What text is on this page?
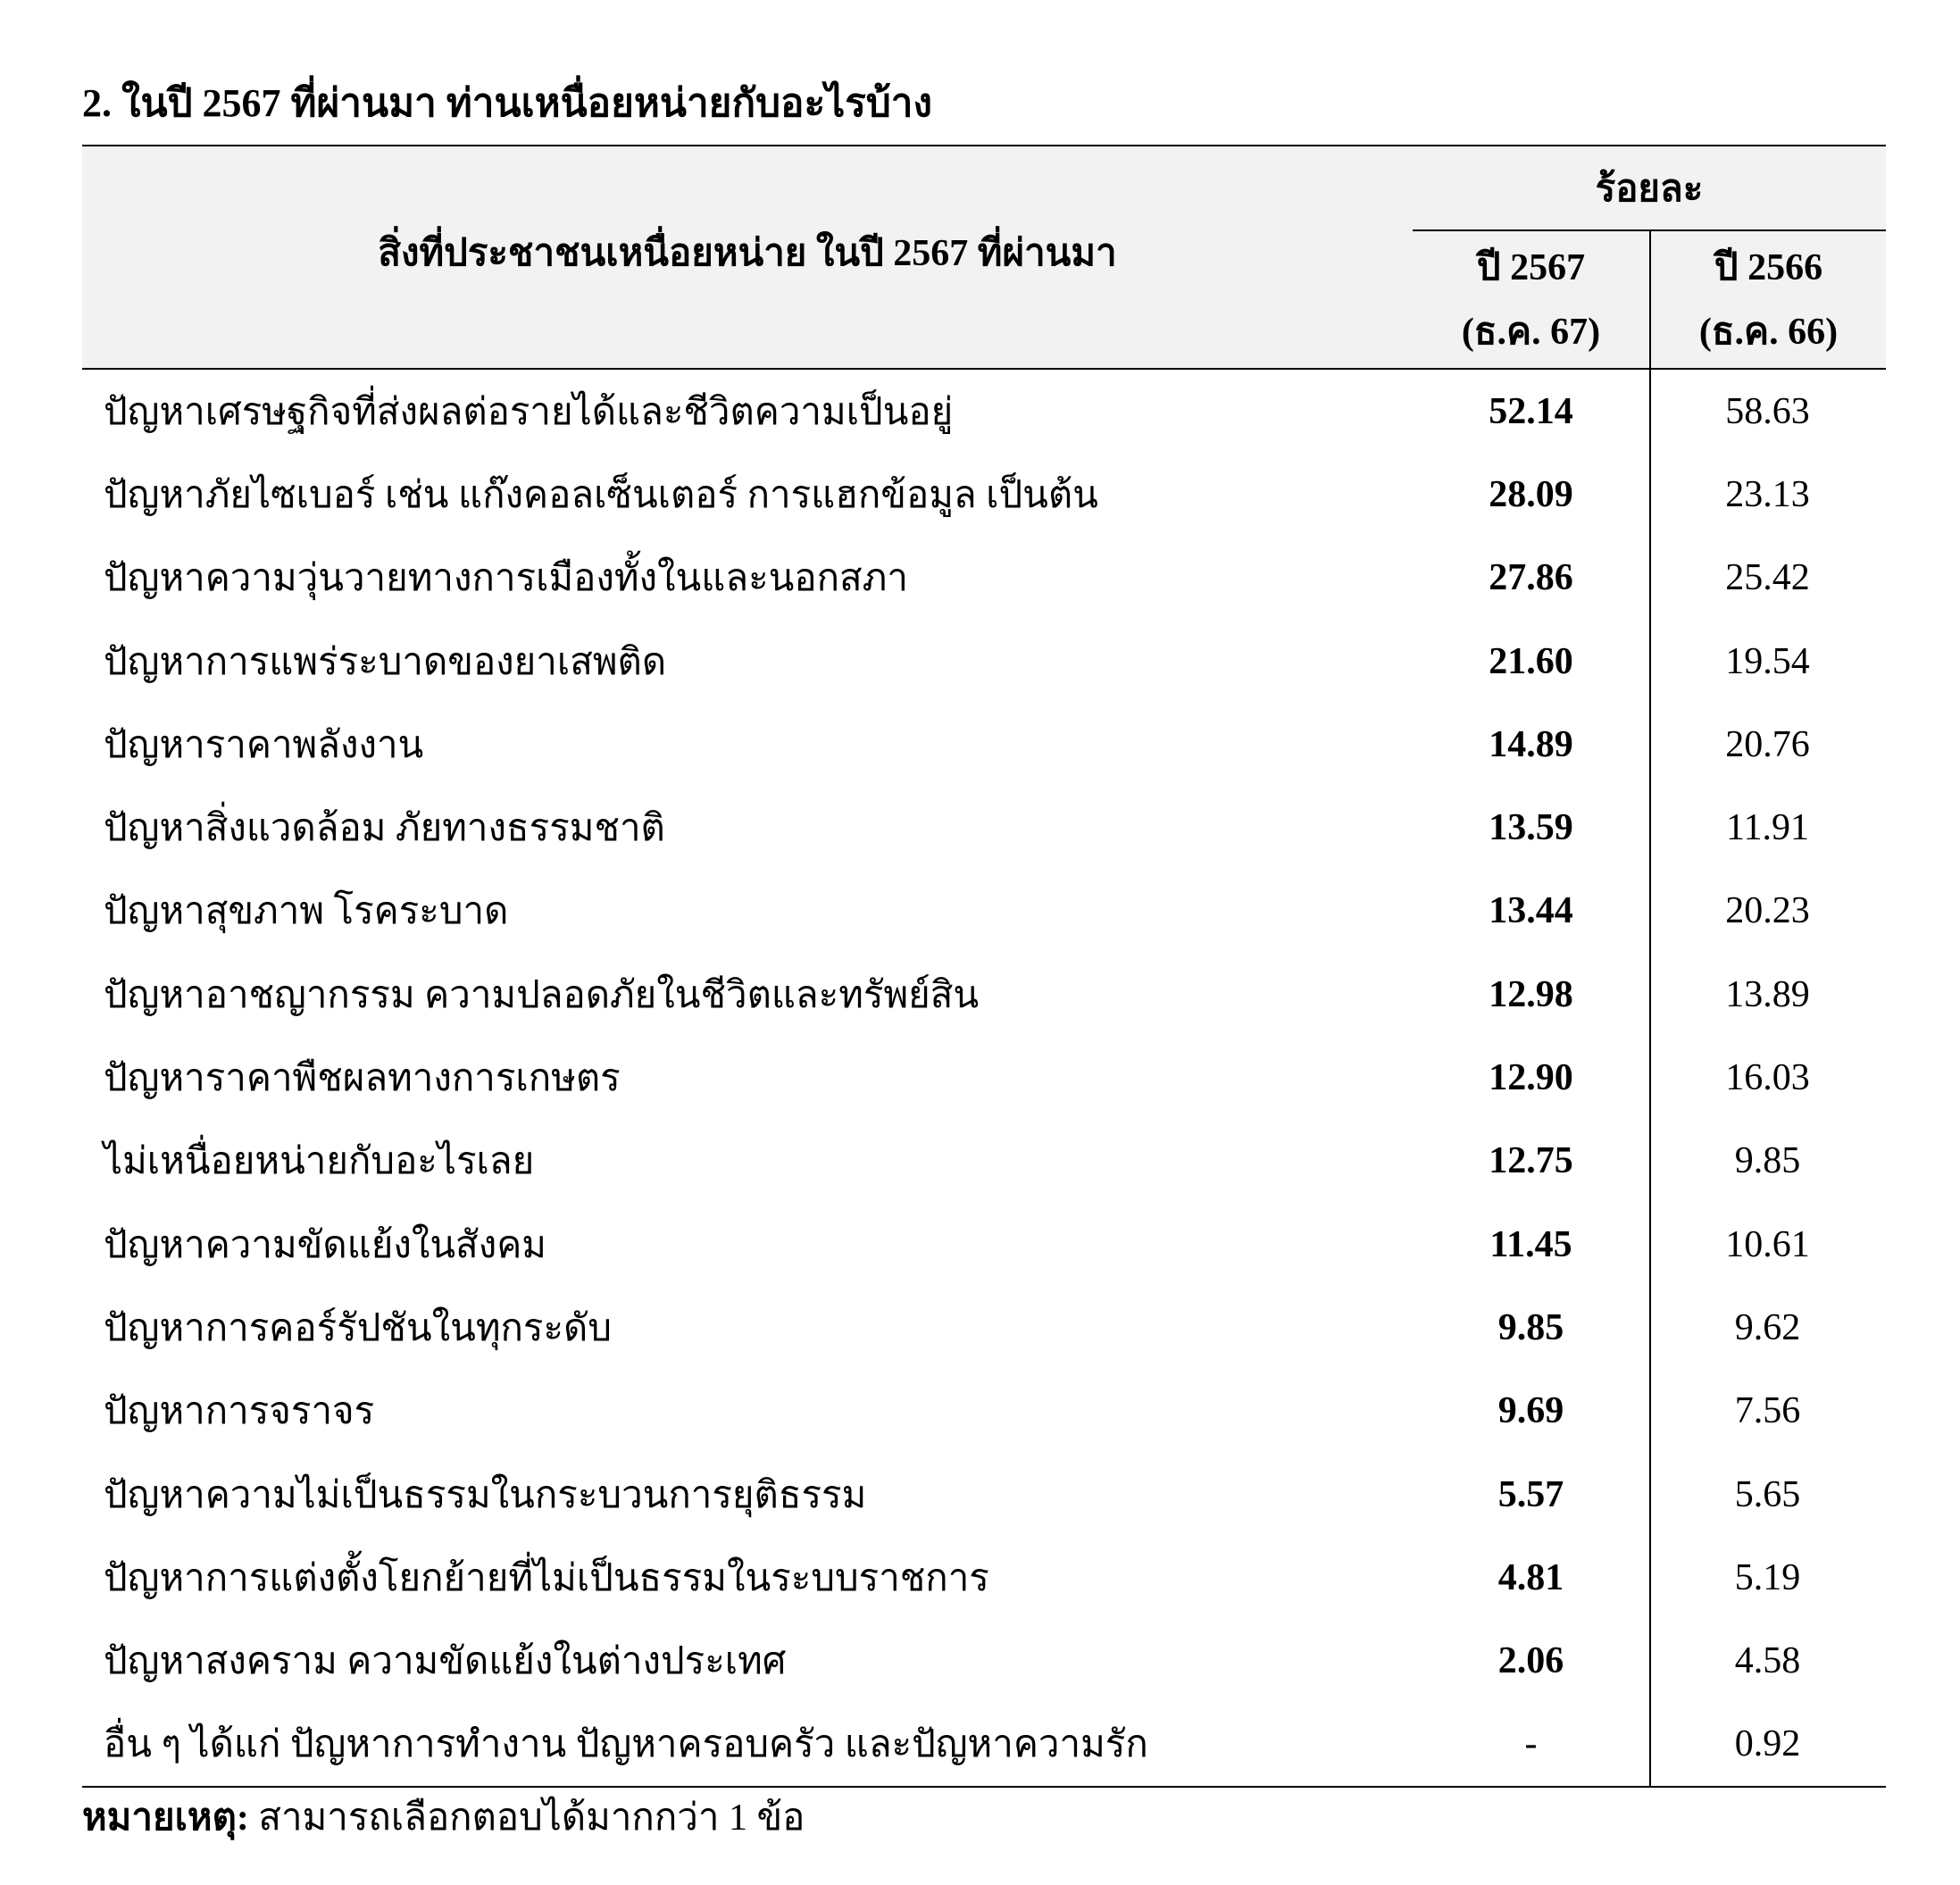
2. ในปี 2567 ที่ผ่านมา ท่านเหนื่อยหน่ายกับอะไรบ้าง
สิ่งที่ประชาชนเหนื่อยหน่าย ในปี 2567 ที่ผ่านมา
ร้อยละ
ปี 2567
(ธ.ค. 67)
ปี 2566
(ธ.ค. 66)
ปัญหาเศรษฐกิจที่ส่งผลต่อรายได้และชีวิตความเป็นอยู่	52.14	58.63
ปัญหาภัยไซเบอร์ เช่น แก๊งคอลเซ็นเตอร์ การแฮกข้อมูล เป็นต้น	28.09	23.13
ปัญหาความวุ่นวายทางการเมืองทั้งในและนอกสภา	27.86	25.42
ปัญหาการแพร่ระบาดของยาเสพติด	21.60	19.54
ปัญหาราคาพลังงาน	14.89	20.76
ปัญหาสิ่งแวดล้อม ภัยทางธรรมชาติ	13.59	11.91
ปัญหาสุขภาพ โรคระบาด	13.44	20.23
ปัญหาอาชญากรรม ความปลอดภัยในชีวิตและทรัพย์สิน	12.98	13.89
ปัญหาราคาพืชผลทางการเกษตร	12.90	16.03
ไม่เหนื่อยหน่ายกับอะไรเลย	12.75	9.85
ปัญหาความขัดแย้งในสังคม	11.45	10.61
ปัญหาการคอร์รัปชันในทุกระดับ	9.85	9.62
ปัญหาการจราจร	9.69	7.56
ปัญหาความไม่เป็นธรรมในกระบวนการยุติธรรม	5.57	5.65
ปัญหาการแต่งตั้งโยกย้ายที่ไม่เป็นธรรมในระบบราชการ	4.81	5.19
ปัญหาสงคราม ความขัดแย้งในต่างประเทศ	2.06	4.58
อื่น ๆ ได้แก่ ปัญหาการทำงาน ปัญหาครอบครัว และปัญหาความรัก	-	0.92
หมายเหตุ: สามารถเลือกตอบได้มากกว่า 1 ข้อ
